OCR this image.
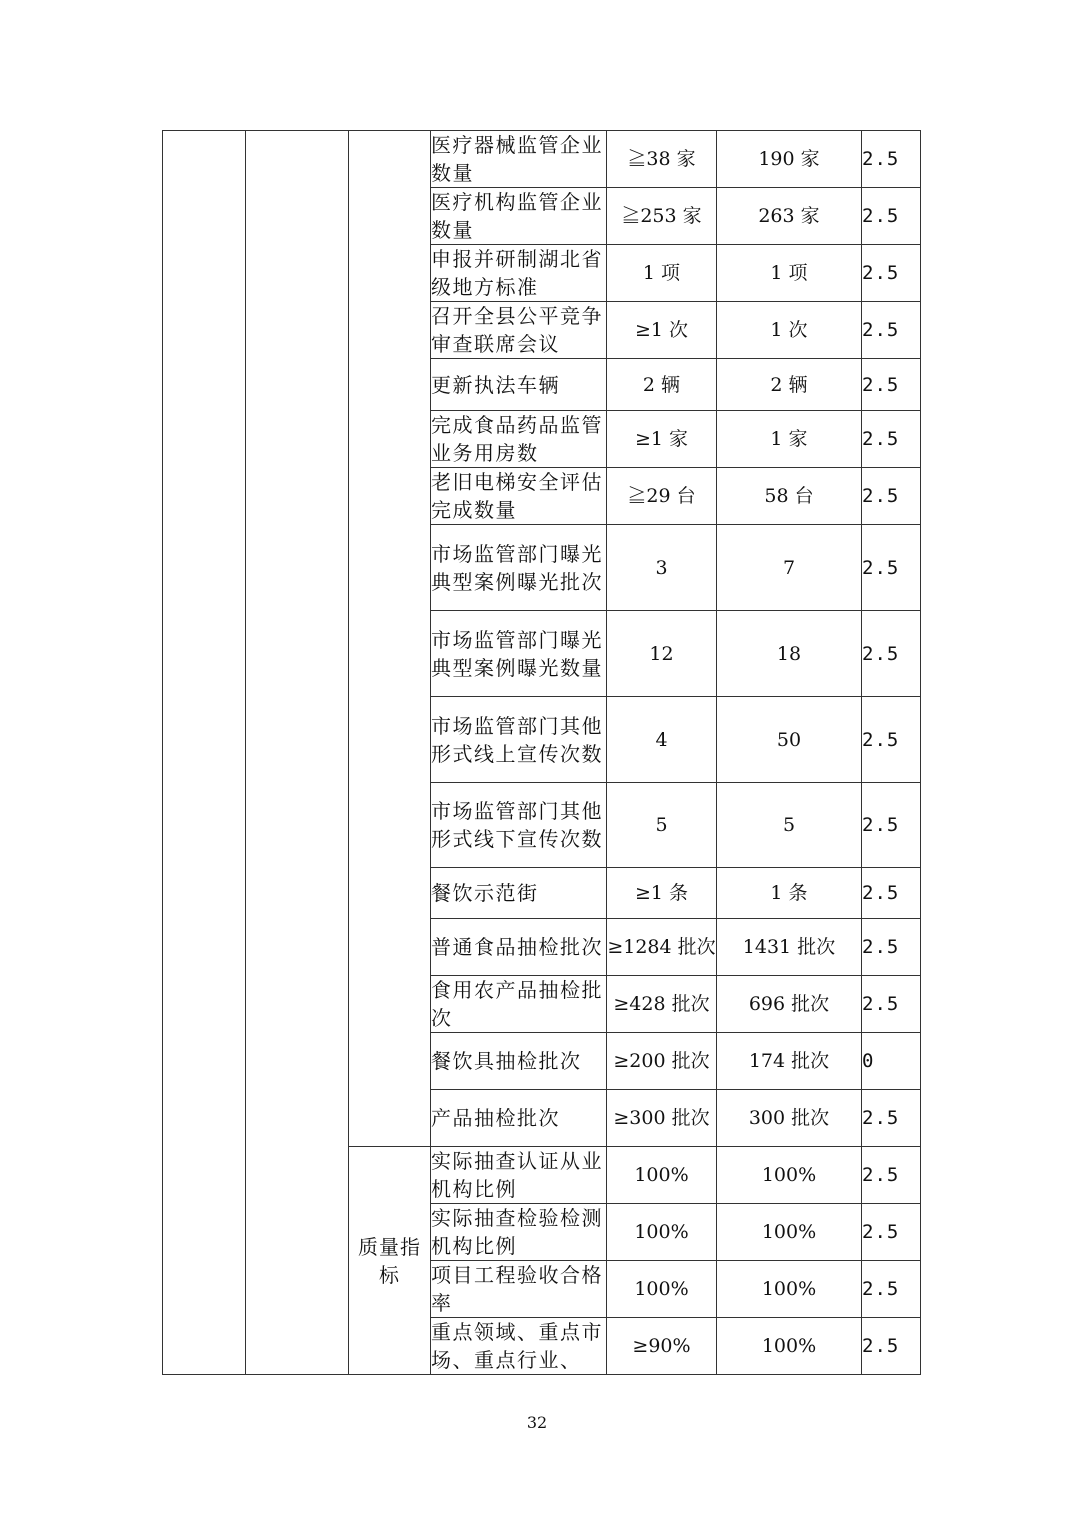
			医疗器械监管企业数量	≧38 家	190 家	2.5
			医疗机构监管企业数量	≧253 家	263 家	2.5
			申报并研制湖北省级地方标准	1 项	1 项	2.5
			召开全县公平竞争审查联席会议	≥1 次	1 次	2.5
			更新执法车辆	2 辆	2 辆	2.5
			完成食品药品监管业务用房数	≥1 家	1 家	2.5
			老旧电梯安全评估完成数量	≧29 台	58 台	2.5
			市场监管部门曝光典型案例曝光批次	3	7	2.5
			市场监管部门曝光典型案例曝光数量	12	18	2.5
			市场监管部门其他形式线上宣传次数	4	50	2.5
			市场监管部门其他形式线下宣传次数	5	5	2.5
			餐饮示范街	≥1 条	1 条	2.5
			普通食品抽检批次	≥1284 批次	1431 批次	2.5
			食用农产品抽检批次	≥428 批次	696 批次	2.5
			餐饮具抽检批次	≥200 批次	174 批次	0
			产品抽检批次	≥300 批次	300 批次	2.5
		质量指标	实际抽查认证从业机构比例	100%	100%	2.5
			实际抽查检验检测机构比例	100%	100%	2.5
			项目工程验收合格率	100%	100%	2.5
			重点领域、重点市场、重点行业、	≥90%	100%	2.5
32
